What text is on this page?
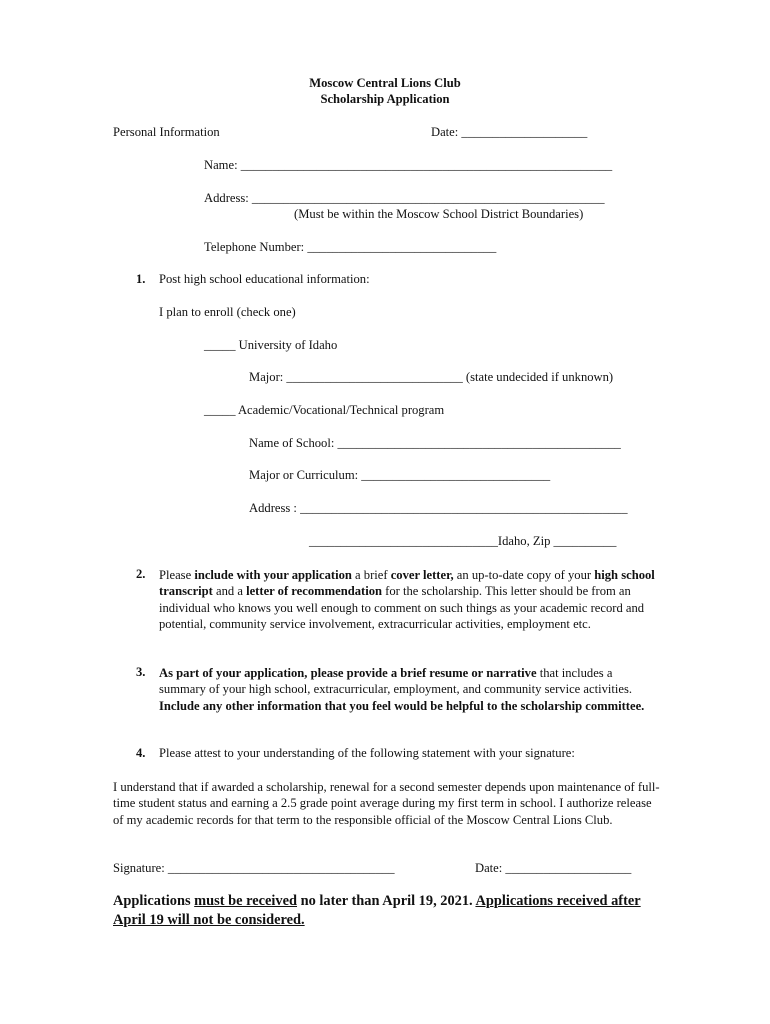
Moscow Central Lions Club
Scholarship Application
Personal Information	Date: ____________________
Name: ___________________________________________________________
Address: ________________________________________________________
(Must be within the Moscow School District Boundaries)
Telephone Number: ______________________________
1. Post high school educational information:
I plan to enroll (check one)
_____ University of Idaho
Major: ____________________________ (state undecided if unknown)
_____ Academic/Vocational/Technical program
Name of School: _____________________________________________
Major or Curriculum: ______________________________
Address : ____________________________________________________
______________________________Idaho, Zip __________
2. Please include with your application a brief cover letter, an up-to-date copy of your high school transcript and a letter of recommendation for the scholarship. This letter should be from an individual who knows you well enough to comment on such things as your academic record and potential, community service involvement, extracurricular activities, employment etc.
3. As part of your application, please provide a brief resume or narrative that includes a summary of your high school, extracurricular, employment, and community service activities. Include any other information that you feel would be helpful to the scholarship committee.
4. Please attest to your understanding of the following statement with your signature:
I understand that if awarded a scholarship, renewal for a second semester depends upon maintenance of full-time student status and earning a 2.5 grade point average during my first term in school. I authorize release of my academic records for that term to the responsible official of the Moscow Central Lions Club.
Signature: ____________________________________	Date: ____________________
Applications must be received no later than April 19, 2021. Applications received after April 19 will not be considered.
